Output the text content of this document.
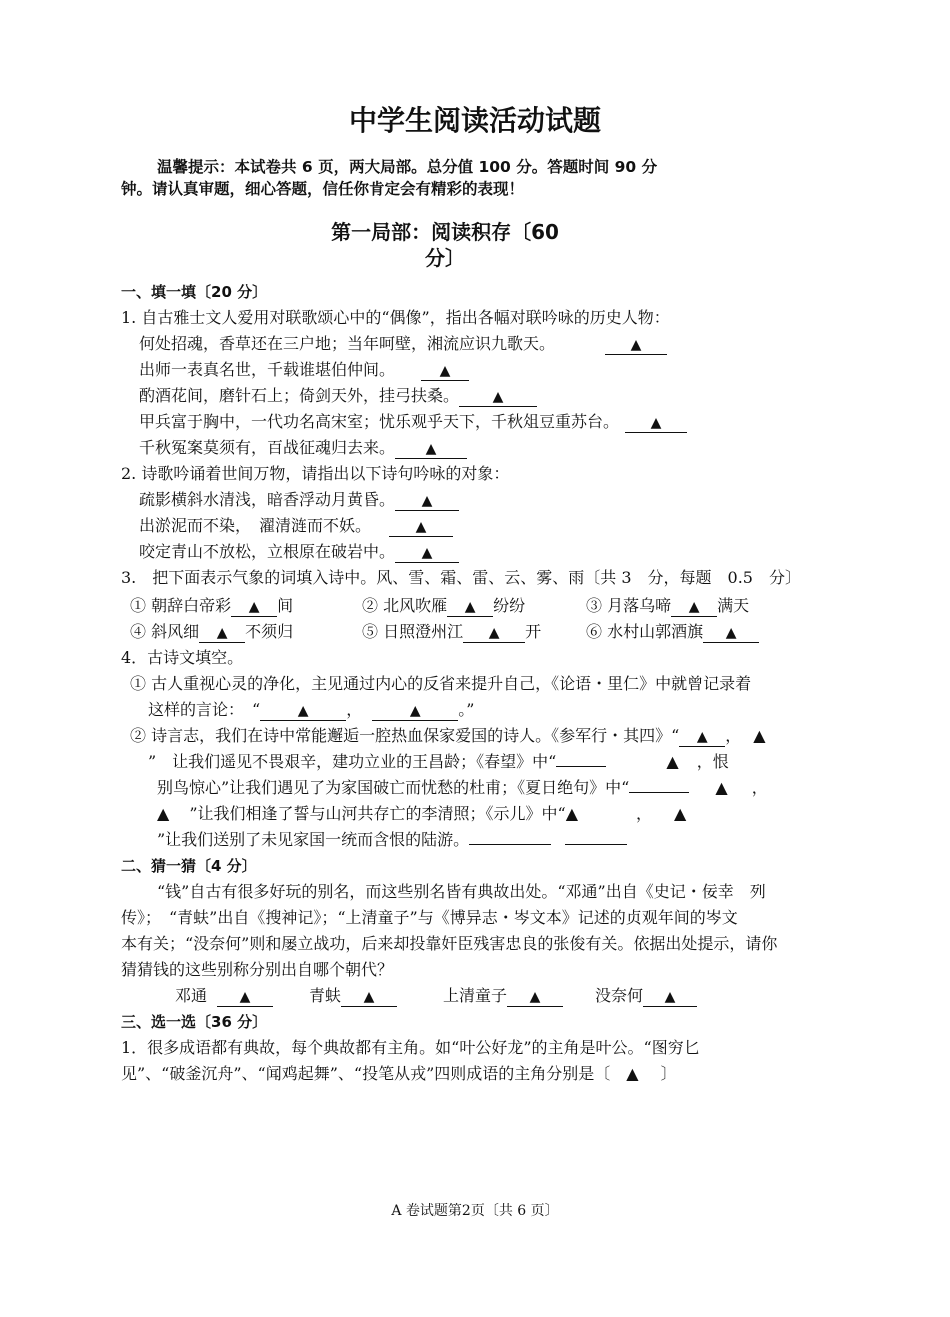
中学生阅读活动试题
温馨提示：本试卷共 6 页，两大局部。总分值 100 分。答题时间 90 分
钟。请认真审题，细心答题，信任你肯定会有精彩的表现！
第一局部：阅读积存〔60
分〕
一、填一填〔20 分〕
1. 自古雅士文人爱用对联歌颂心中的“偶像”，指出各幅对联吟咏的历史人物：
何处招魂，香草还在三户地；当年呵壁，湘流应识九歌天。	▲
出师一表真名世，千载谁堪伯仲间。	▲
酌酒花间，磨针石上；倚剑天外，挂弓扶桑。 ▲
甲兵富于胸中，一代功名高宋室；忧乐观乎天下，千秋俎豆重苏台。 ▲
千秋冤案莫须有，百战征魂归去来。 ▲
2. 诗歌吟诵着世间万物，请指出以下诗句吟咏的对象：
疏影横斜水清浅，暗香浮动月黄昏。 ▲
出淤泥而不染，　濯清涟而不妖。	▲
咬定青山不放松，立根原在破岩中。 ▲
3.　把下面表示气象的词填入诗中。风、雪、霜、雷、云、雾、雨〔共 3　分，每题　0.5　分〕
① 朝辞白帝彩 ▲ 间	② 北风吹雁 ▲ 纷纷	③ 月落乌啼 ▲ 满天
④ 斜风细 ▲ 不须归	⑤ 日照澄州江 ▲ 开	⑥ 水村山郭酒旗 ▲
4．古诗文填空。
① 古人重视心灵的净化，主见通过内心的反省来提升自己，《论语・里仁》中就曾记录着
这样的言论：　“	▲ ，	▲ 。”
② 诗言志，我们在诗中常能邂逅一腔热血保家爱国的诗人。《参军行・其四》“ ▲ ， ▲
”　让我们遥见不畏艰辛，建功立业的王昌龄；《春望》中“	▲ ，恨
别鸟惊心”让我们遇见了为家国破亡而忧愁的杜甫；《夏日绝句》中“	▲ ，
▲ ”让我们相逢了誓与山河共存亡的李清照；《示儿》中“▲	， ▲
”让我们送别了未见家国一统而含恨的陆游。
二、猜一猜〔4 分〕
“钱”自古有很多好玩的别名，而这些别名皆有典故出处。“邓通”出自《史记・佞幸　列
传》；　“青蚨”出自《搜神记》；“上清童子”与《博异志・岑文本》记述的贞观年间的岑文
本有关；“没奈何”则和屡立战功，后来却投靠奸臣残害忠良的张俊有关。依据出处提示，请你
猜猜钱的这些别称分别出自哪个朝代？
邓通 ▲	青蚨 ▲	上清童子 ▲	没奈何 ▲
三、选一选〔36 分〕
1．很多成语都有典故，每个典故都有主角。如“叶公好龙”的主角是叶公。“图穷匕
见”、“破釜沉舟”、“闻鸡起舞”、“投笔从戎”四则成语的主角分别是〔 ▲ 〕
A 卷试题第2页〔共 6 页〕
